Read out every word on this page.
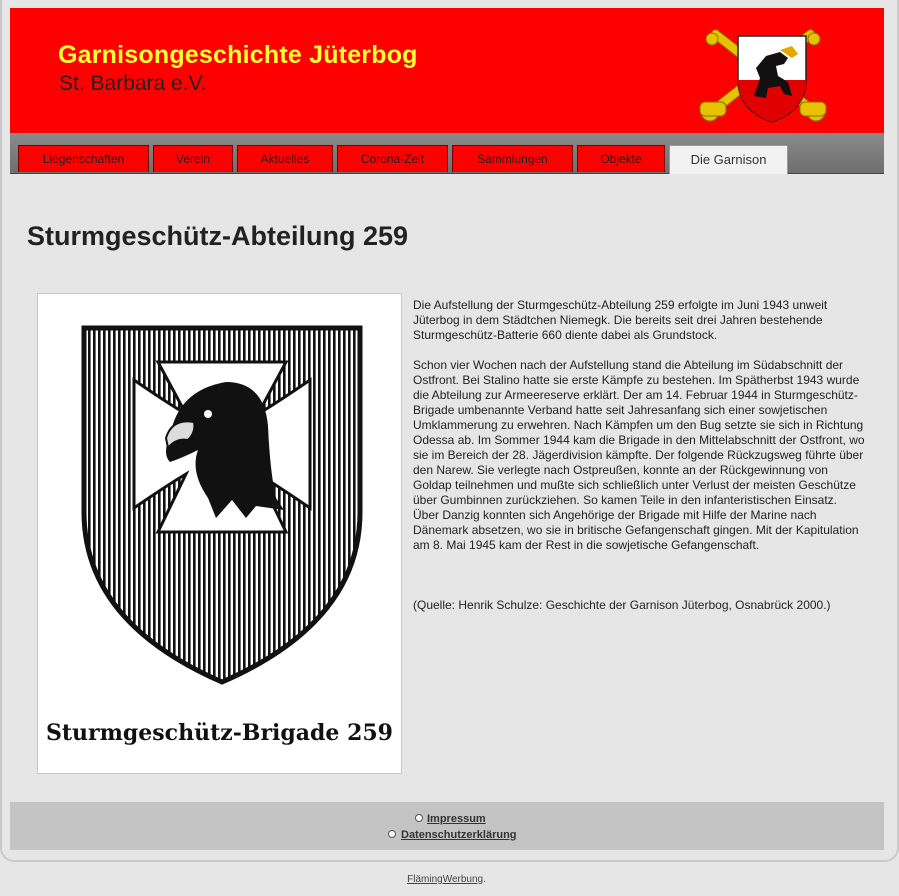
Garnisongeschichte Jüterbog
St. Barbara e.V.
Liegenschaften	Verein	Aktuelles	Corona-Zeit	Sammlungen	Objekte	Die Garnison
Sturmgeschütz-Abteilung 259
Sturmgeschütz-Brigade 259

Die Aufstellung der Sturmgeschütz-Abteilung 259 erfolgte im Juni 1943 unweit Jüterbog in dem Städtchen Niemegk. Die bereits seit drei Jahren bestehende Sturmgeschütz-Batterie 660 diente dabei als Grundstock.

Schon vier Wochen nach der Aufstellung stand die Abteilung im Südabschnitt der Ostfront. Bei Stalino hatte sie erste Kämpfe zu bestehen. Im Spätherbst 1943 wurde die Abteilung zur Armeereserve erklärt. Der am 14. Februar 1944 in Sturmgeschütz-Brigade umbenannte Verband hatte seit Jahresanfang sich einer sowjetischen Umklammerung zu erwehren. Nach Kämpfen um den Bug setzte sie sich in Richtung Odessa ab. Im Sommer 1944 kam die Brigade in den Mittelabschnitt der Ostfront, wo sie im Bereich der 28. Jägerdivision kämpfte. Der folgende Rückzugsweg führte über den Narew. Sie verlegte nach Ostpreußen, konnte an der Rückgewinnung von Goldap teilnehmen und mußte sich schließlich unter Verlust der meisten Geschütze über Gumbinnen zurückziehen. So kamen Teile in den infanteristischen Einsatz. Über Danzig konnten sich Angehörige der Brigade mit Hilfe der Marine nach Dänemark absetzen, wo sie in britische Gefangenschaft gingen. Mit der Kapitulation am 8. Mai 1945 kam der Rest in die sowjetische Gefangenschaft.

(Quelle: Henrik Schulze: Geschichte der Garnison Jüterbog, Osnabrück 2000.)

Impressum
Datenschutzerklärung
FlämingWerbung.
